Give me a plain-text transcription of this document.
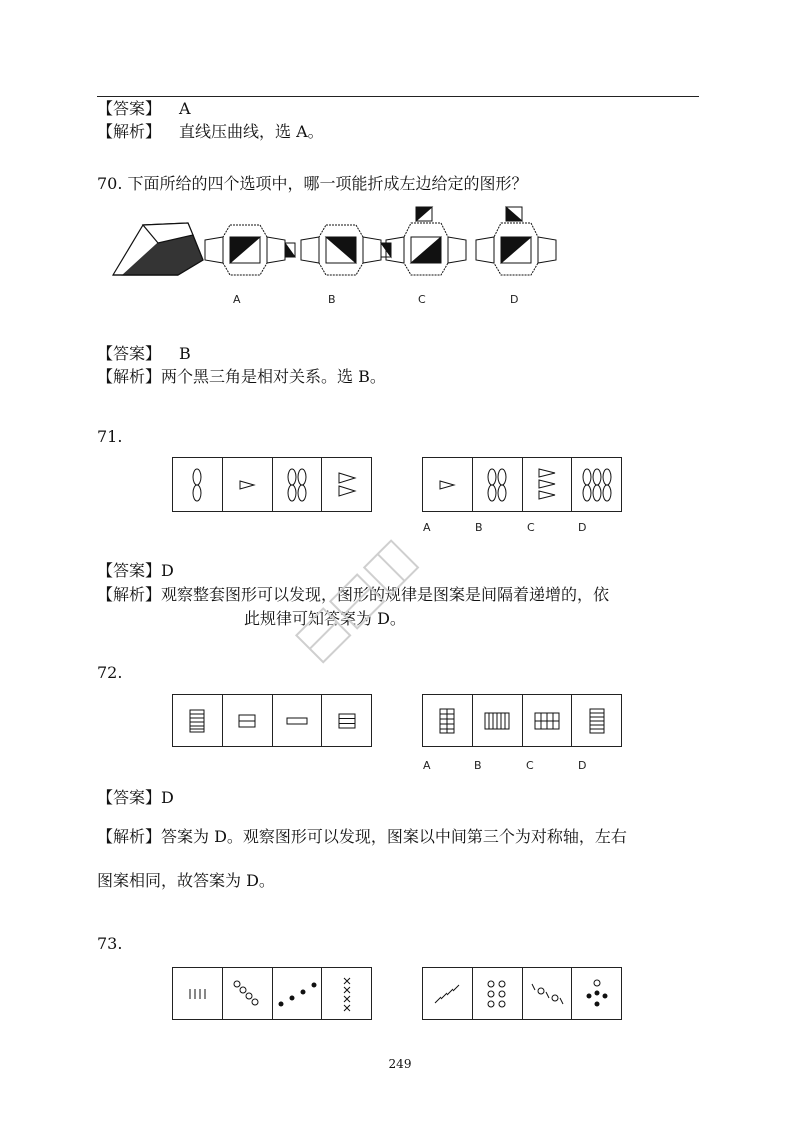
【答案】 A
【解析】 直线压曲线，选 A。
70. 下面所给的四个选项中，哪一项能折成左边给定的图形？
A	B	C	D
【答案】 B
【解析】两个黑三角是相对关系。选 B。
71.
A	B	C	D
【答案】D
【解析】观察整套图形可以发现，图形的规律是图案是间隔着递增的，依
此规律可知答案为 D。
72.
A	B	C	D
【答案】D
【解析】答案为 D。观察图形可以发现，图案以中间第三个为对称轴，左右
图案相同，故答案为 D。
73.
249
